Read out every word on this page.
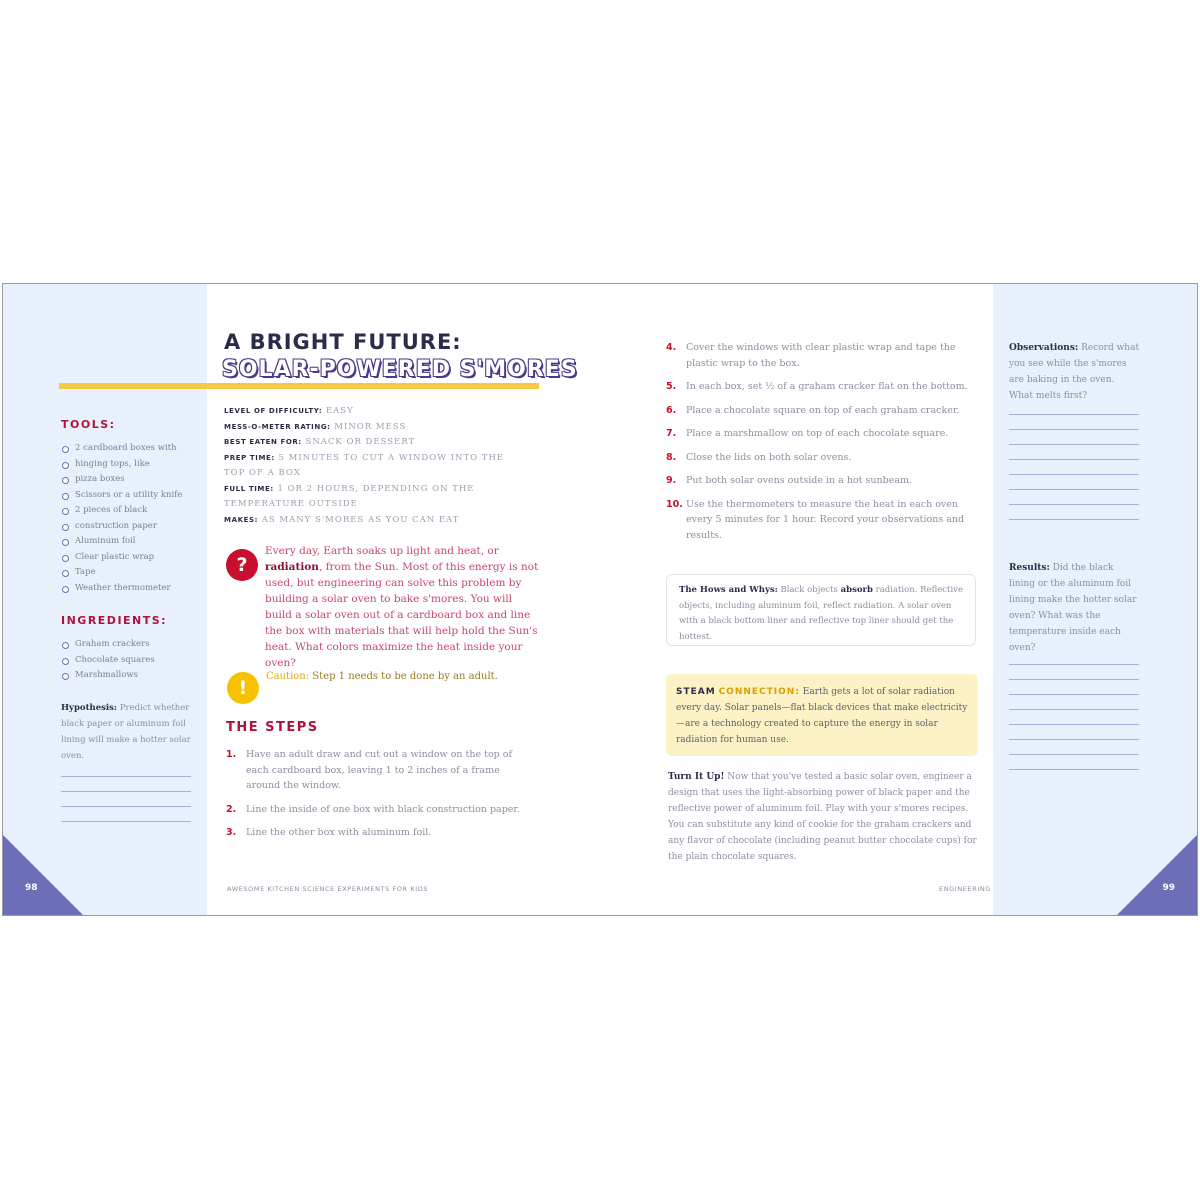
TOOLS:
2 cardboard boxes with
hinging tops, like
pizza boxes
Scissors or a utility knife
2 pieces of black
construction paper
Aluminum foil
Clear plastic wrap
Tape
Weather thermometer
INGREDIENTS:
Graham crackers
Chocolate squares
Marshmallows
Hypothesis: Predict whether black paper or aluminum foil lining will make a hotter solar oven.
98
Observations: Record what you see while the s'mores are baking in the oven. What melts first?
Results: Did the black lining or the aluminum foil lining make the hotter solar oven? What was the temperature inside each oven?
99
A BRIGHT FUTURE:
SOLAR-POWERED S'MORES
LEVEL OF DIFFICULTY: EASY
MESS-O-METER RATING: MINOR MESS
BEST EATEN FOR: SNACK OR DESSERT
PREP TIME: 5 MINUTES TO CUT A WINDOW INTO THE TOP OF A BOX
FULL TIME: 1 OR 2 HOURS, DEPENDING ON THE TEMPERATURE OUTSIDE
MAKES: AS MANY S'MORES AS YOU CAN EAT
?
Every day, Earth soaks up light and heat, or radiation, from the Sun. Most of this energy is not used, but engineering can solve this problem by building a solar oven to bake s'mores. You will build a solar oven out of a cardboard box and line the box with materials that will help hold the Sun's heat. What colors maximize the heat inside your oven?
!
Caution: Step 1 needs to be done by an adult.
THE STEPS
1. Have an adult draw and cut out a window on the top of each cardboard box, leaving 1 to 2 inches of a frame around the window.
2. Line the inside of one box with black construction paper.
3. Line the other box with aluminum foil.
AWESOME KITCHEN SCIENCE EXPERIMENTS FOR KIDS
4. Cover the windows with clear plastic wrap and tape the plastic wrap to the box.
5. In each box, set ½ of a graham cracker flat on the bottom.
6. Place a chocolate square on top of each graham cracker.
7. Place a marshmallow on top of each chocolate square.
8. Close the lids on both solar ovens.
9. Put both solar ovens outside in a hot sunbeam.
10. Use the thermometers to measure the heat in each oven every 5 minutes for 1 hour. Record your observations and results.
The Hows and Whys: Black objects absorb radiation. Reflective objects, including aluminum foil, reflect radiation. A solar oven with a black bottom liner and reflective top liner should get the hottest.
STEAM CONNECTION: Earth gets a lot of solar radiation every day. Solar panels—flat black devices that make electricity—are a technology created to capture the energy in solar radiation for human use.
Turn It Up! Now that you've tested a basic solar oven, engineer a design that uses the light-absorbing power of black paper and the reflective power of aluminum foil. Play with your s'mores recipes. You can substitute any kind of cookie for the graham crackers and any flavor of chocolate (including peanut butter chocolate cups) for the plain chocolate squares.
ENGINEERING
